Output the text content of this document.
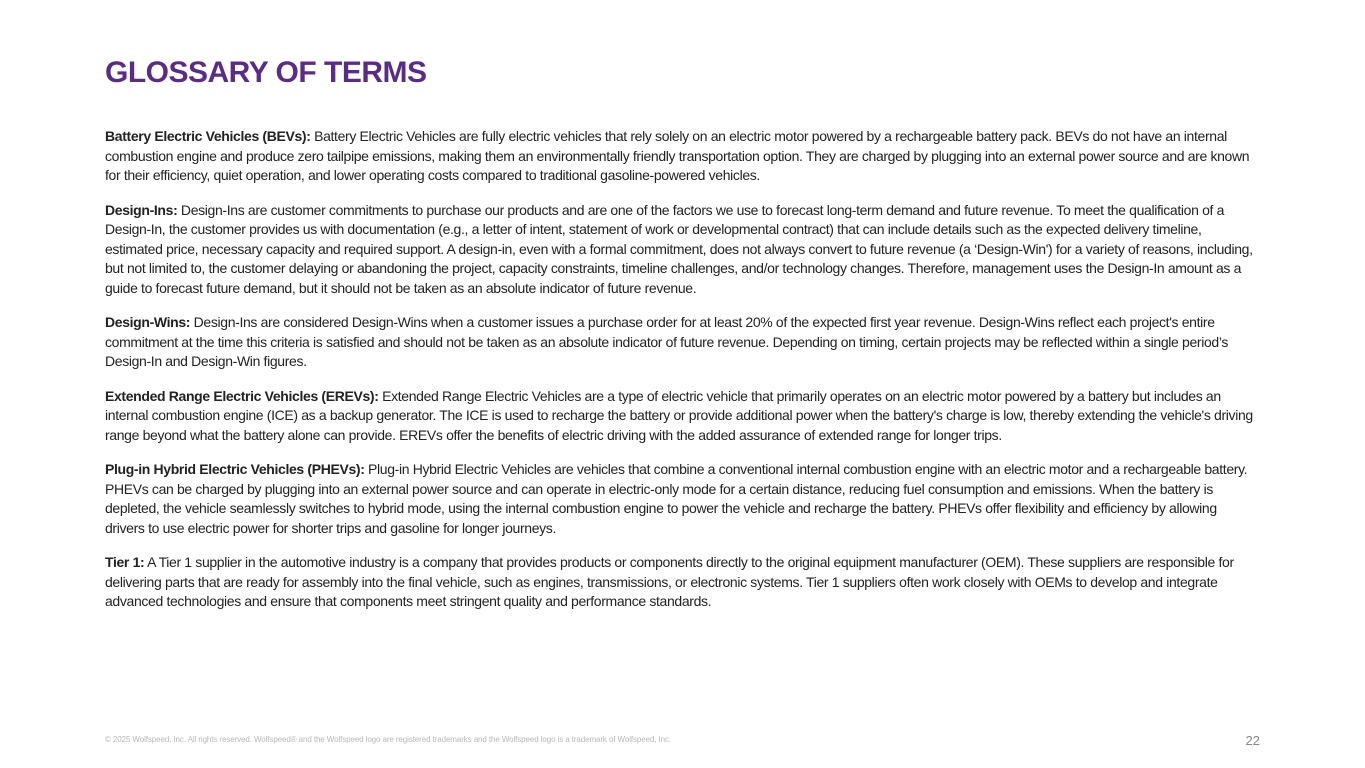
GLOSSARY OF TERMS

Battery Electric Vehicles (BEVs): Battery Electric Vehicles are fully electric vehicles that rely solely on an electric motor powered by a rechargeable battery pack. BEVs do not have an internal combustion engine and produce zero tailpipe emissions, making them an environmentally friendly transportation option. They are charged by plugging into an external power source and are known for their efficiency, quiet operation, and lower operating costs compared to traditional gasoline-powered vehicles.

Design-Ins: Design-Ins are customer commitments to purchase our products and are one of the factors we use to forecast long-term demand and future revenue. To meet the qualification of a Design-In, the customer provides us with documentation (e.g., a letter of intent, statement of work or developmental contract) that can include details such as the expected delivery timeline, estimated price, necessary capacity and required support. A design-in, even with a formal commitment, does not always convert to future revenue (a ‘Design-Win') for a variety of reasons, including, but not limited to, the customer delaying or abandoning the project, capacity constraints, timeline challenges, and/or technology changes. Therefore, management uses the Design-In amount as a guide to forecast future demand, but it should not be taken as an absolute indicator of future revenue.

Design-Wins: Design-Ins are considered Design-Wins when a customer issues a purchase order for at least 20% of the expected first year revenue. Design-Wins reflect each project's entire commitment at the time this criteria is satisfied and should not be taken as an absolute indicator of future revenue. Depending on timing, certain projects may be reflected within a single period’s Design-In and Design-Win figures.

Extended Range Electric Vehicles (EREVs): Extended Range Electric Vehicles are a type of electric vehicle that primarily operates on an electric motor powered by a battery but includes an internal combustion engine (ICE) as a backup generator. The ICE is used to recharge the battery or provide additional power when the battery's charge is low, thereby extending the vehicle's driving range beyond what the battery alone can provide. EREVs offer the benefits of electric driving with the added assurance of extended range for longer trips.

Plug-in Hybrid Electric Vehicles (PHEVs): Plug-in Hybrid Electric Vehicles are vehicles that combine a conventional internal combustion engine with an electric motor and a rechargeable battery. PHEVs can be charged by plugging into an external power source and can operate in electric-only mode for a certain distance, reducing fuel consumption and emissions. When the battery is depleted, the vehicle seamlessly switches to hybrid mode, using the internal combustion engine to power the vehicle and recharge the battery. PHEVs offer flexibility and efficiency by allowing drivers to use electric power for shorter trips and gasoline for longer journeys.

Tier 1: A Tier 1 supplier in the automotive industry is a company that provides products or components directly to the original equipment manufacturer (OEM). These suppliers are responsible for delivering parts that are ready for assembly into the final vehicle, such as engines, transmissions, or electronic systems. Tier 1 suppliers often work closely with OEMs to develop and integrate advanced technologies and ensure that components meet stringent quality and performance standards.

© 2025 Wolfspeed, Inc. All rights reserved. Wolfspeed® and the Wolfspeed logo are registered trademarks and the Wolfspeed logo is a trademark of Wolfspeed, Inc.	22
